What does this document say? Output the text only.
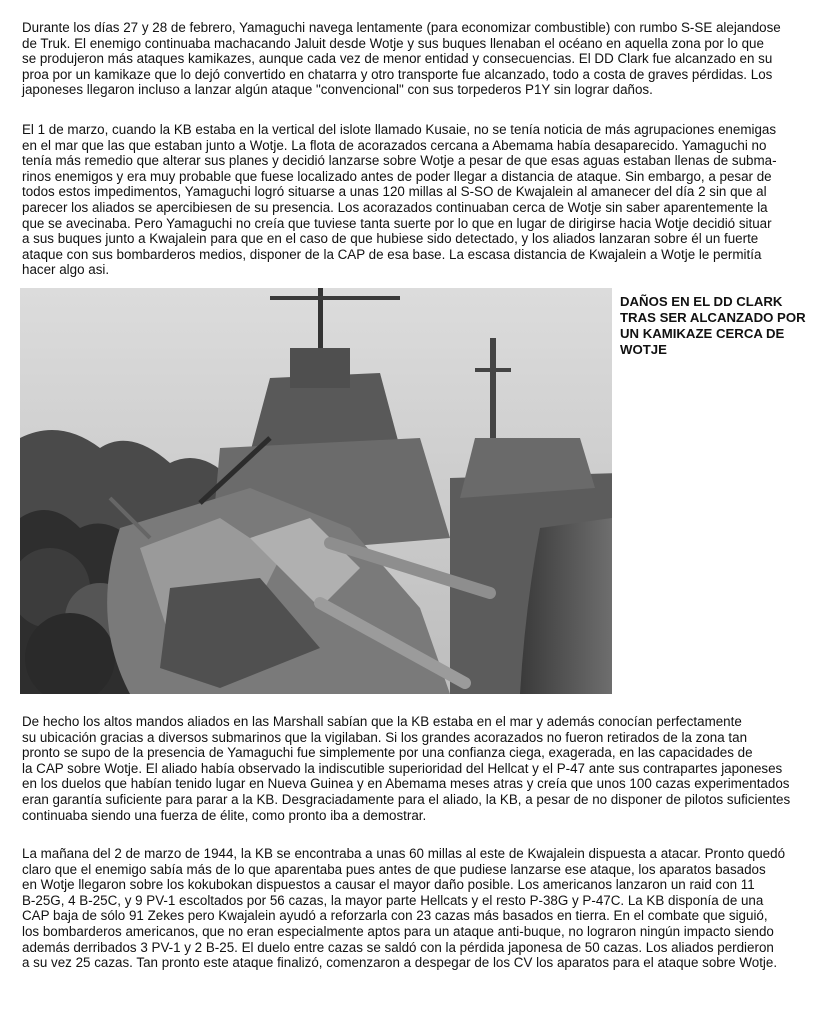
Durante los días 27 y 28 de febrero, Yamaguchi navega lentamente (para economizar combustible) con rumbo S-SE alejandose
de Truk. El enemigo continuaba machacando Jaluit desde Wotje y sus buques llenaban el océano en aquella zona por lo que
se produjeron más ataques kamikazes, aunque cada vez de menor entidad y consecuencias. El DD Clark fue alcanzado en su
proa por un kamikaze que lo dejó convertido en chatarra y otro transporte fue alcanzado, todo a costa de graves pérdidas. Los
japoneses llegaron incluso a lanzar algún ataque "convencional" con sus torpederos P1Y sin lograr daños.
El 1 de marzo, cuando la KB estaba en la vertical del islote llamado Kusaie, no se tenía noticia de más agrupaciones enemigas
en el mar que las que estaban junto a Wotje. La flota de acorazados cercana a Abemama había desaparecido. Yamaguchi no
tenía más remedio que alterar sus planes y decidió lanzarse sobre Wotje a pesar de que esas aguas estaban llenas de subma-
rinos enemigos y era muy probable que fuese localizado antes de poder llegar a distancia de ataque. Sin embargo, a pesar de
todos estos impedimentos, Yamaguchi logró situarse a unas 120 millas al S-SO de Kwajalein al amanecer del día 2 sin que al
parecer los aliados se apercibiesen de su presencia. Los acorazados continuaban cerca de Wotje sin saber aparentemente la
que se avecinaba. Pero Yamaguchi no creía que tuviese tanta suerte por lo que en lugar de dirigirse hacia Wotje decidió situar
a sus buques junto a Kwajalein para que en el caso de que hubiese sido detectado, y los aliados lanzaran sobre él un fuerte
ataque con sus bombarderos medios, disponer de la CAP de esa base. La escasa distancia de Kwajalein a Wotje le permitía
hacer algo asi.
DAÑOS EN EL DD CLARK
TRAS SER ALCANZADO POR
UN KAMIKAZE CERCA DE
WOTJE
De hecho los altos mandos aliados en las Marshall sabían que la KB estaba en el mar y además conocían perfectamente
su ubicación gracias a diversos submarinos que la vigilaban. Si los grandes acorazados no fueron retirados de la zona tan
pronto se supo de la presencia de Yamaguchi fue simplemente por una confianza ciega, exagerada, en las capacidades de
la CAP sobre Wotje. El aliado había observado la indiscutible superioridad del Hellcat y el P-47 ante sus contrapartes japoneses
en los duelos que habían tenido lugar en Nueva Guinea y en Abemama meses atras y creía que unos 100 cazas experimentados
eran garantía suficiente para parar a la KB. Desgraciadamente para el aliado, la KB, a pesar de no disponer de pilotos suficientes
continuaba siendo una fuerza de élite, como pronto iba a demostrar.
La mañana del 2 de marzo de 1944, la KB se encontraba a unas 60 millas al este de Kwajalein dispuesta a atacar. Pronto quedó
claro que el enemigo sabía más de lo que aparentaba pues antes de que pudiese lanzarse ese ataque, los aparatos basados
en Wotje llegaron sobre los kokubokan dispuestos a causar el mayor daño posible. Los americanos lanzaron un raid con 11
B-25G, 4 B-25C, y 9 PV-1 escoltados por 56 cazas, la mayor parte Hellcats y el resto P-38G y P-47C. La KB disponía de una
CAP baja de sólo 91 Zekes pero Kwajalein ayudó a reforzarla con 23 cazas más basados en tierra. En el combate que siguió,
los bombarderos americanos, que no eran especialmente aptos para un ataque anti-buque, no lograron ningún impacto siendo
además derribados 3 PV-1 y 2 B-25. El duelo entre cazas se saldó con la pérdida japonesa de 50 cazas. Los aliados perdieron
a su vez 25 cazas. Tan pronto este ataque finalizó, comenzaron a despegar de los CV los aparatos para el ataque sobre Wotje.
